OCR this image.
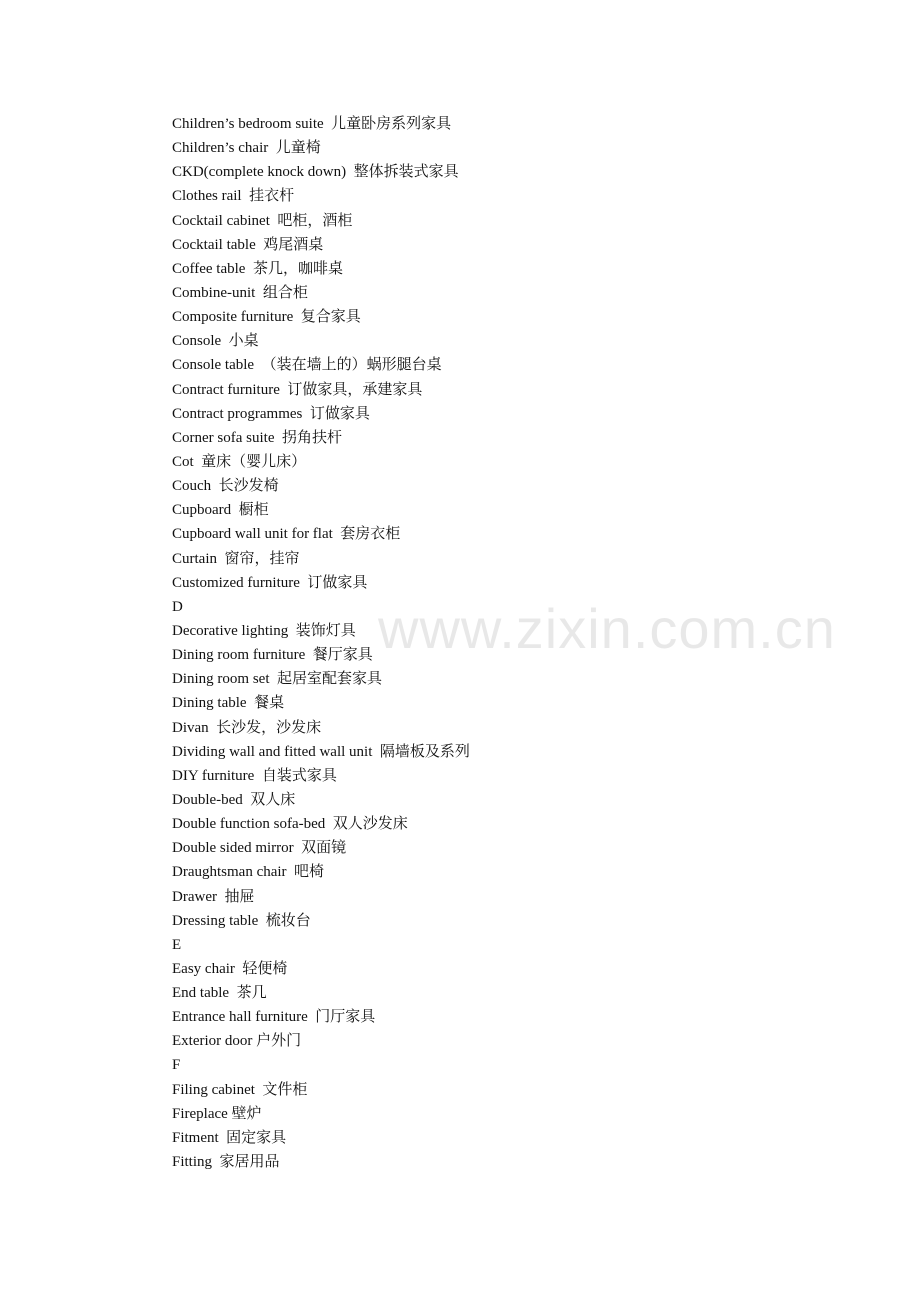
Children’s bedroom suite  儿童卧房系列家具
Children’s chair  儿童椅
CKD(complete knock down)  整体拆装式家具
Clothes rail  挂衣杆
Cocktail cabinet  吧柜，酒柜
Cocktail table  鸡尾酒桌
Coffee table  茶几，咖啡桌
Combine-unit  组合柜
Composite furniture  复合家具
Console  小桌
Console table  （装在墙上的）蜗形腿台桌
Contract furniture  订做家具，承建家具
Contract programmes  订做家具
Corner sofa suite  拐角扶杆
Cot  童床（婴儿床）
Couch  长沙发椅
Cupboard  橱柜
Cupboard wall unit for flat  套房衣柜
Curtain  窗帘，挂帘
Customized furniture  订做家具
D
Decorative lighting  装饰灯具
Dining room furniture  餐厅家具
Dining room set  起居室配套家具
Dining table  餐桌
Divan  长沙发，沙发床
Dividing wall and fitted wall unit  隔墙板及系列
DIY furniture  自装式家具
Double-bed  双人床
Double function sofa-bed  双人沙发床
Double sided mirror  双面镜
Draughtsman chair  吧椅
Drawer  抽屉
Dressing table  梳妆台
E
Easy chair  轻便椅
End table  茶几
Entrance hall furniture  门厅家具
Exterior door 户外门
F
Filing cabinet  文件柜
Fireplace 壁炉
Fitment  固定家具
Fitting  家居用品
www.zixin.com.cn
